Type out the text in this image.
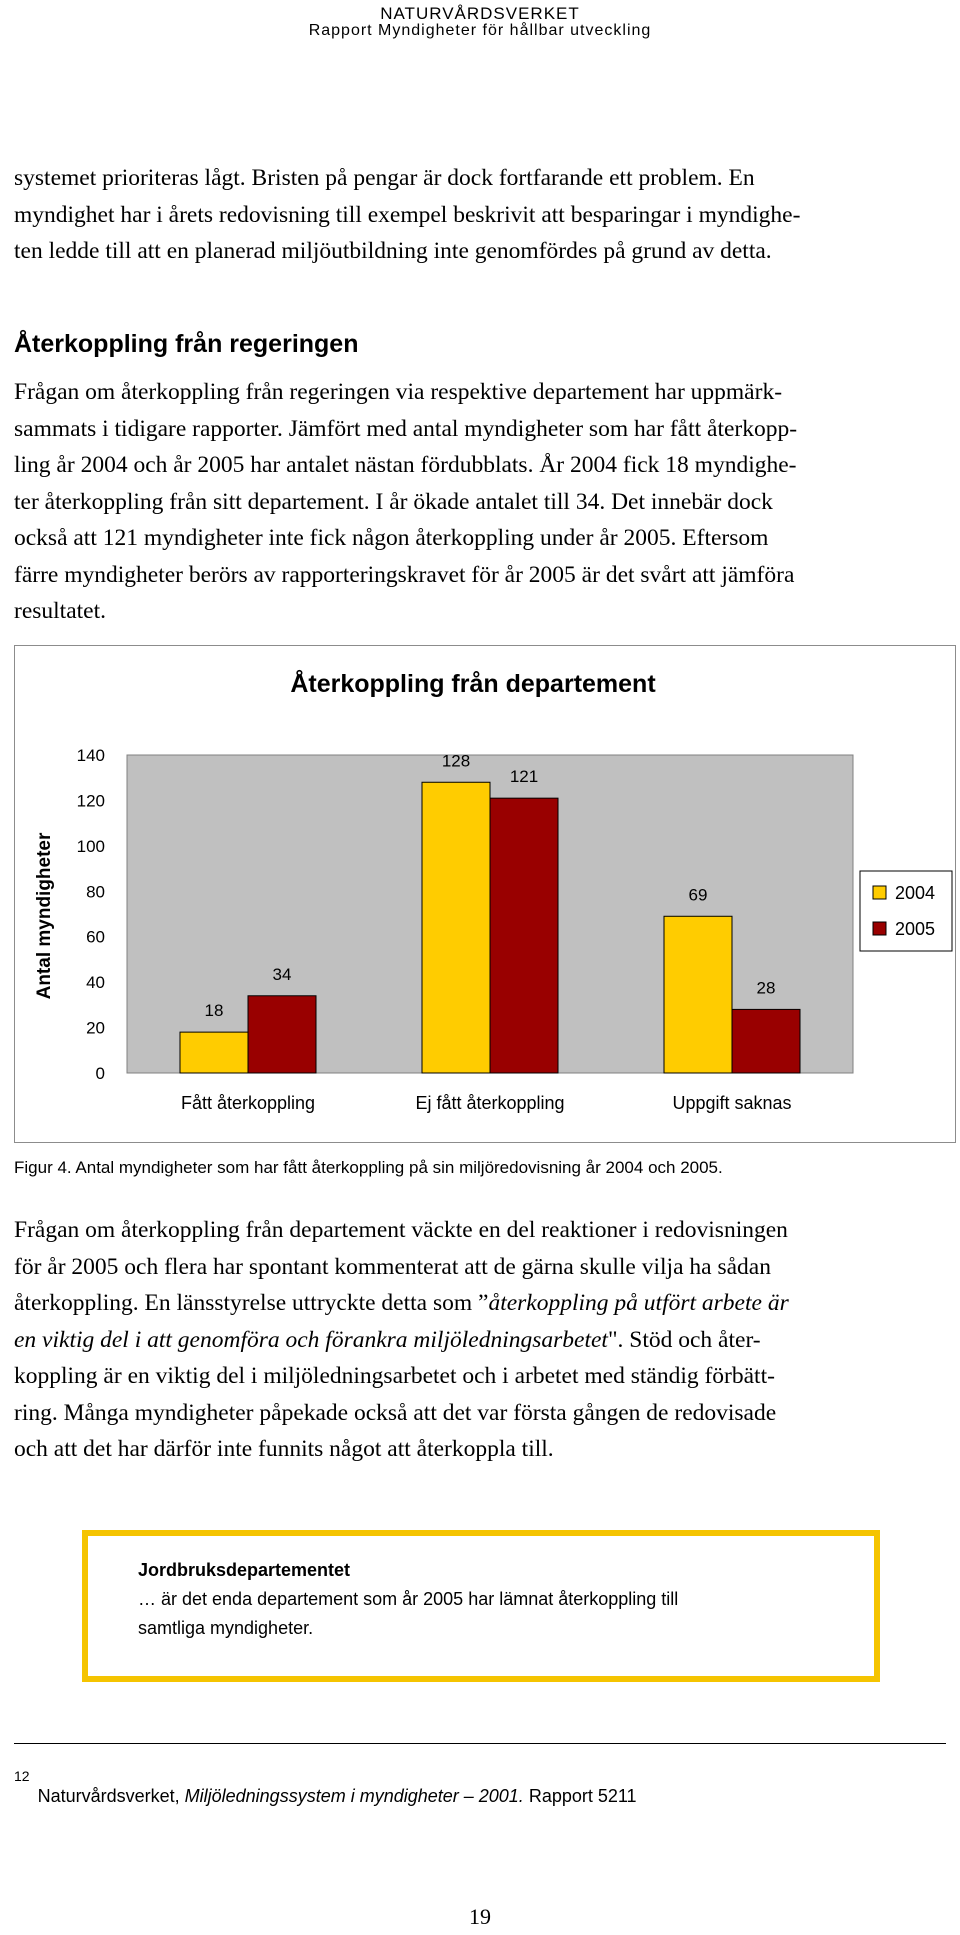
NATURVÅRDSVERKET
Rapport Myndigheter för hållbar utveckling
systemet prioriteras lågt. Bristen på pengar är dock fortfarande ett problem. En
myndighet har i årets redovisning till exempel beskrivit att besparingar i myndighe-
ten ledde till att en planerad miljöutbildning inte genomfördes på grund av detta.
Återkoppling från regeringen
Frågan om återkoppling från regeringen via respektive departement har uppmärk-
sammats i tidigare rapporter. Jämfört med antal myndigheter som har fått återkopp-
ling år 2004 och år 2005 har antalet nästan fördubblats. År 2004 fick 18 myndighe-
ter återkoppling från sitt departement. I år ökade antalet till 34. Det innebär dock
också att 121 myndigheter inte fick någon återkoppling under år 2005. Eftersom
färre myndigheter berörs av rapporteringskravet för år 2005 är det svårt att jämföra
resultatet.
Återkoppling från departement
Antal myndigheter
0
20
40
60
80
100
120
140
Fått återkoppling	Ej fått återkoppling	Uppgift saknas
18
34
128
121
69
28
2004
2005
Figur 4. Antal myndigheter som har fått återkoppling på sin miljöredovisning år 2004 och 2005.
Frågan om återkoppling från departement väckte en del reaktioner i redovisningen
för år 2005 och flera har spontant kommenterat att de gärna skulle vilja ha sådan
återkoppling. En länsstyrelse uttryckte detta som ”återkoppling på utfört arbete är
en viktig del i att genomföra och förankra miljöledningsarbetet". Stöd och åter-
koppling är en viktig del i miljöledningsarbetet och i arbetet med ständig förbätt-
ring. Många myndigheter påpekade också att det var första gången de redovisade
och att det har därför inte funnits något att återkoppla till.
Jordbruksdepartementet
… är det enda departement som år 2005 har lämnat återkoppling till
samtliga myndigheter.
$^{12}$Naturvårdsverket, Miljöledningssystem i myndigheter – 2001. Rapport 5211
19
